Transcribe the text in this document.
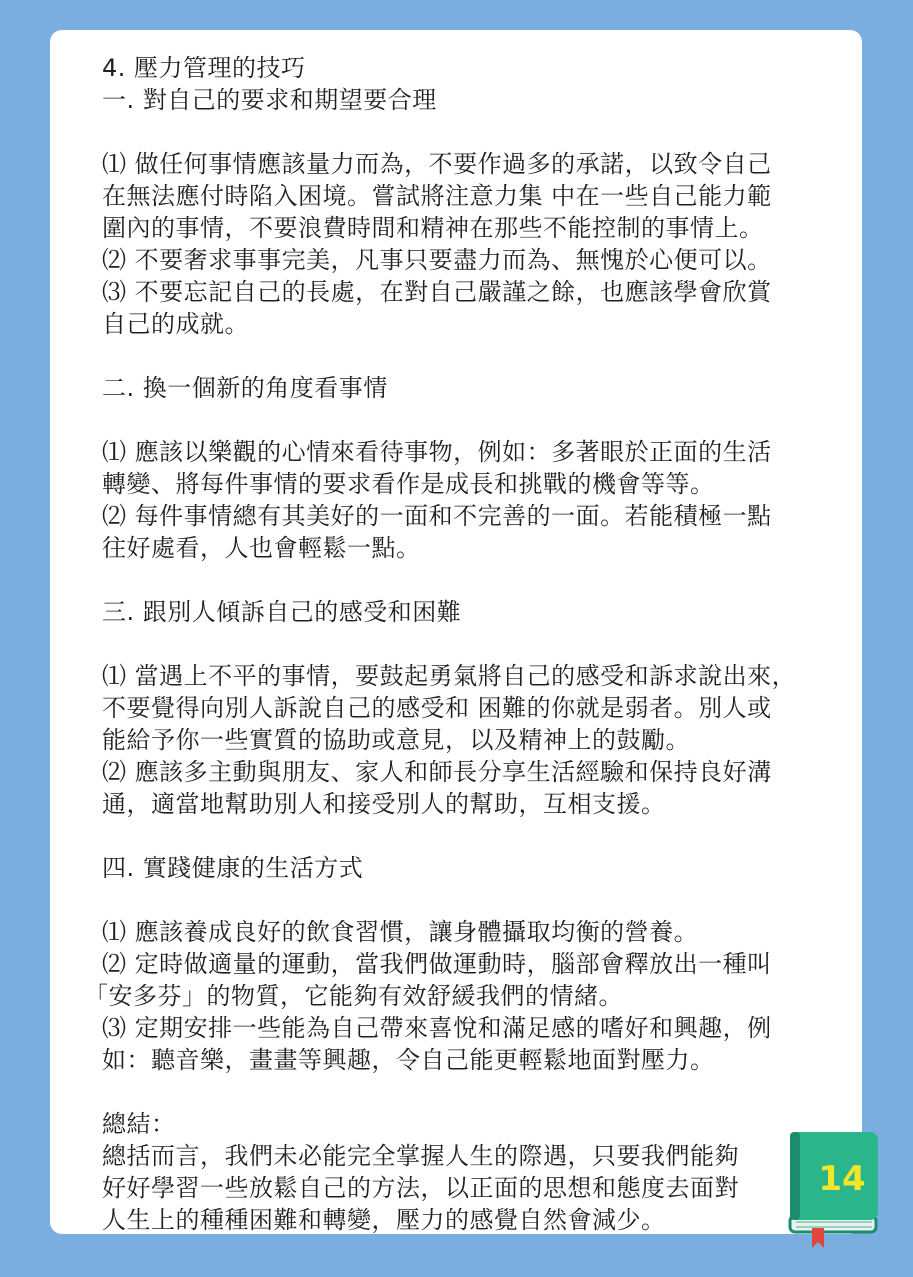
4. 壓力管理的技巧
一. 對自己的要求和期望要合理
⑴ 做任何事情應該量力而為，不要作過多的承諾，以致令自己
在無法應付時陷入困境。嘗試將注意力集 中在一些自己能力範
圍內的事情，不要浪費時間和精神在那些不能控制的事情上。
⑵ 不要奢求事事完美，凡事只要盡力而為、無愧於心便可以。
⑶ 不要忘記自己的長處，在對自己嚴謹之餘，也應該學會欣賞
自己的成就。
二. 換一個新的角度看事情
⑴ 應該以樂觀的心情來看待事物，例如：多著眼於正面的生活
轉變、將每件事情的要求看作是成長和挑戰的機會等等。
⑵ 每件事情總有其美好的一面和不完善的一面。若能積極一點
往好處看，人也會輕鬆一點。
三. 跟別人傾訴自己的感受和困難
⑴ 當遇上不平的事情，要鼓起勇氣將自己的感受和訴求說出來，
不要覺得向別人訴說自己的感受和 困難的你就是弱者。別人或
能給予你一些實質的協助或意見，以及精神上的鼓勵。
⑵ 應該多主動與朋友、家人和師長分享生活經驗和保持良好溝
通，適當地幫助別人和接受別人的幫助，互相支援。
四. 實踐健康的生活方式
⑴ 應該養成良好的飲食習慣，讓身體攝取均衡的營養。
⑵ 定時做適量的運動，當我們做運動時，腦部會釋放出一種叫
「安多芬」的物質，它能夠有效舒緩我們的情緒。
⑶ 定期安排一些能為自己帶來喜悅和滿足感的嗜好和興趣，例
如：聽音樂，畫畫等興趣，令自己能更輕鬆地面對壓力。
總結：
總括而言，我們未必能完全掌握人生的際遇，只要我們能夠
好好學習一些放鬆自己的方法，以正面的思想和態度去面對
人生上的種種困難和轉變，壓力的感覺自然會減少。
14
